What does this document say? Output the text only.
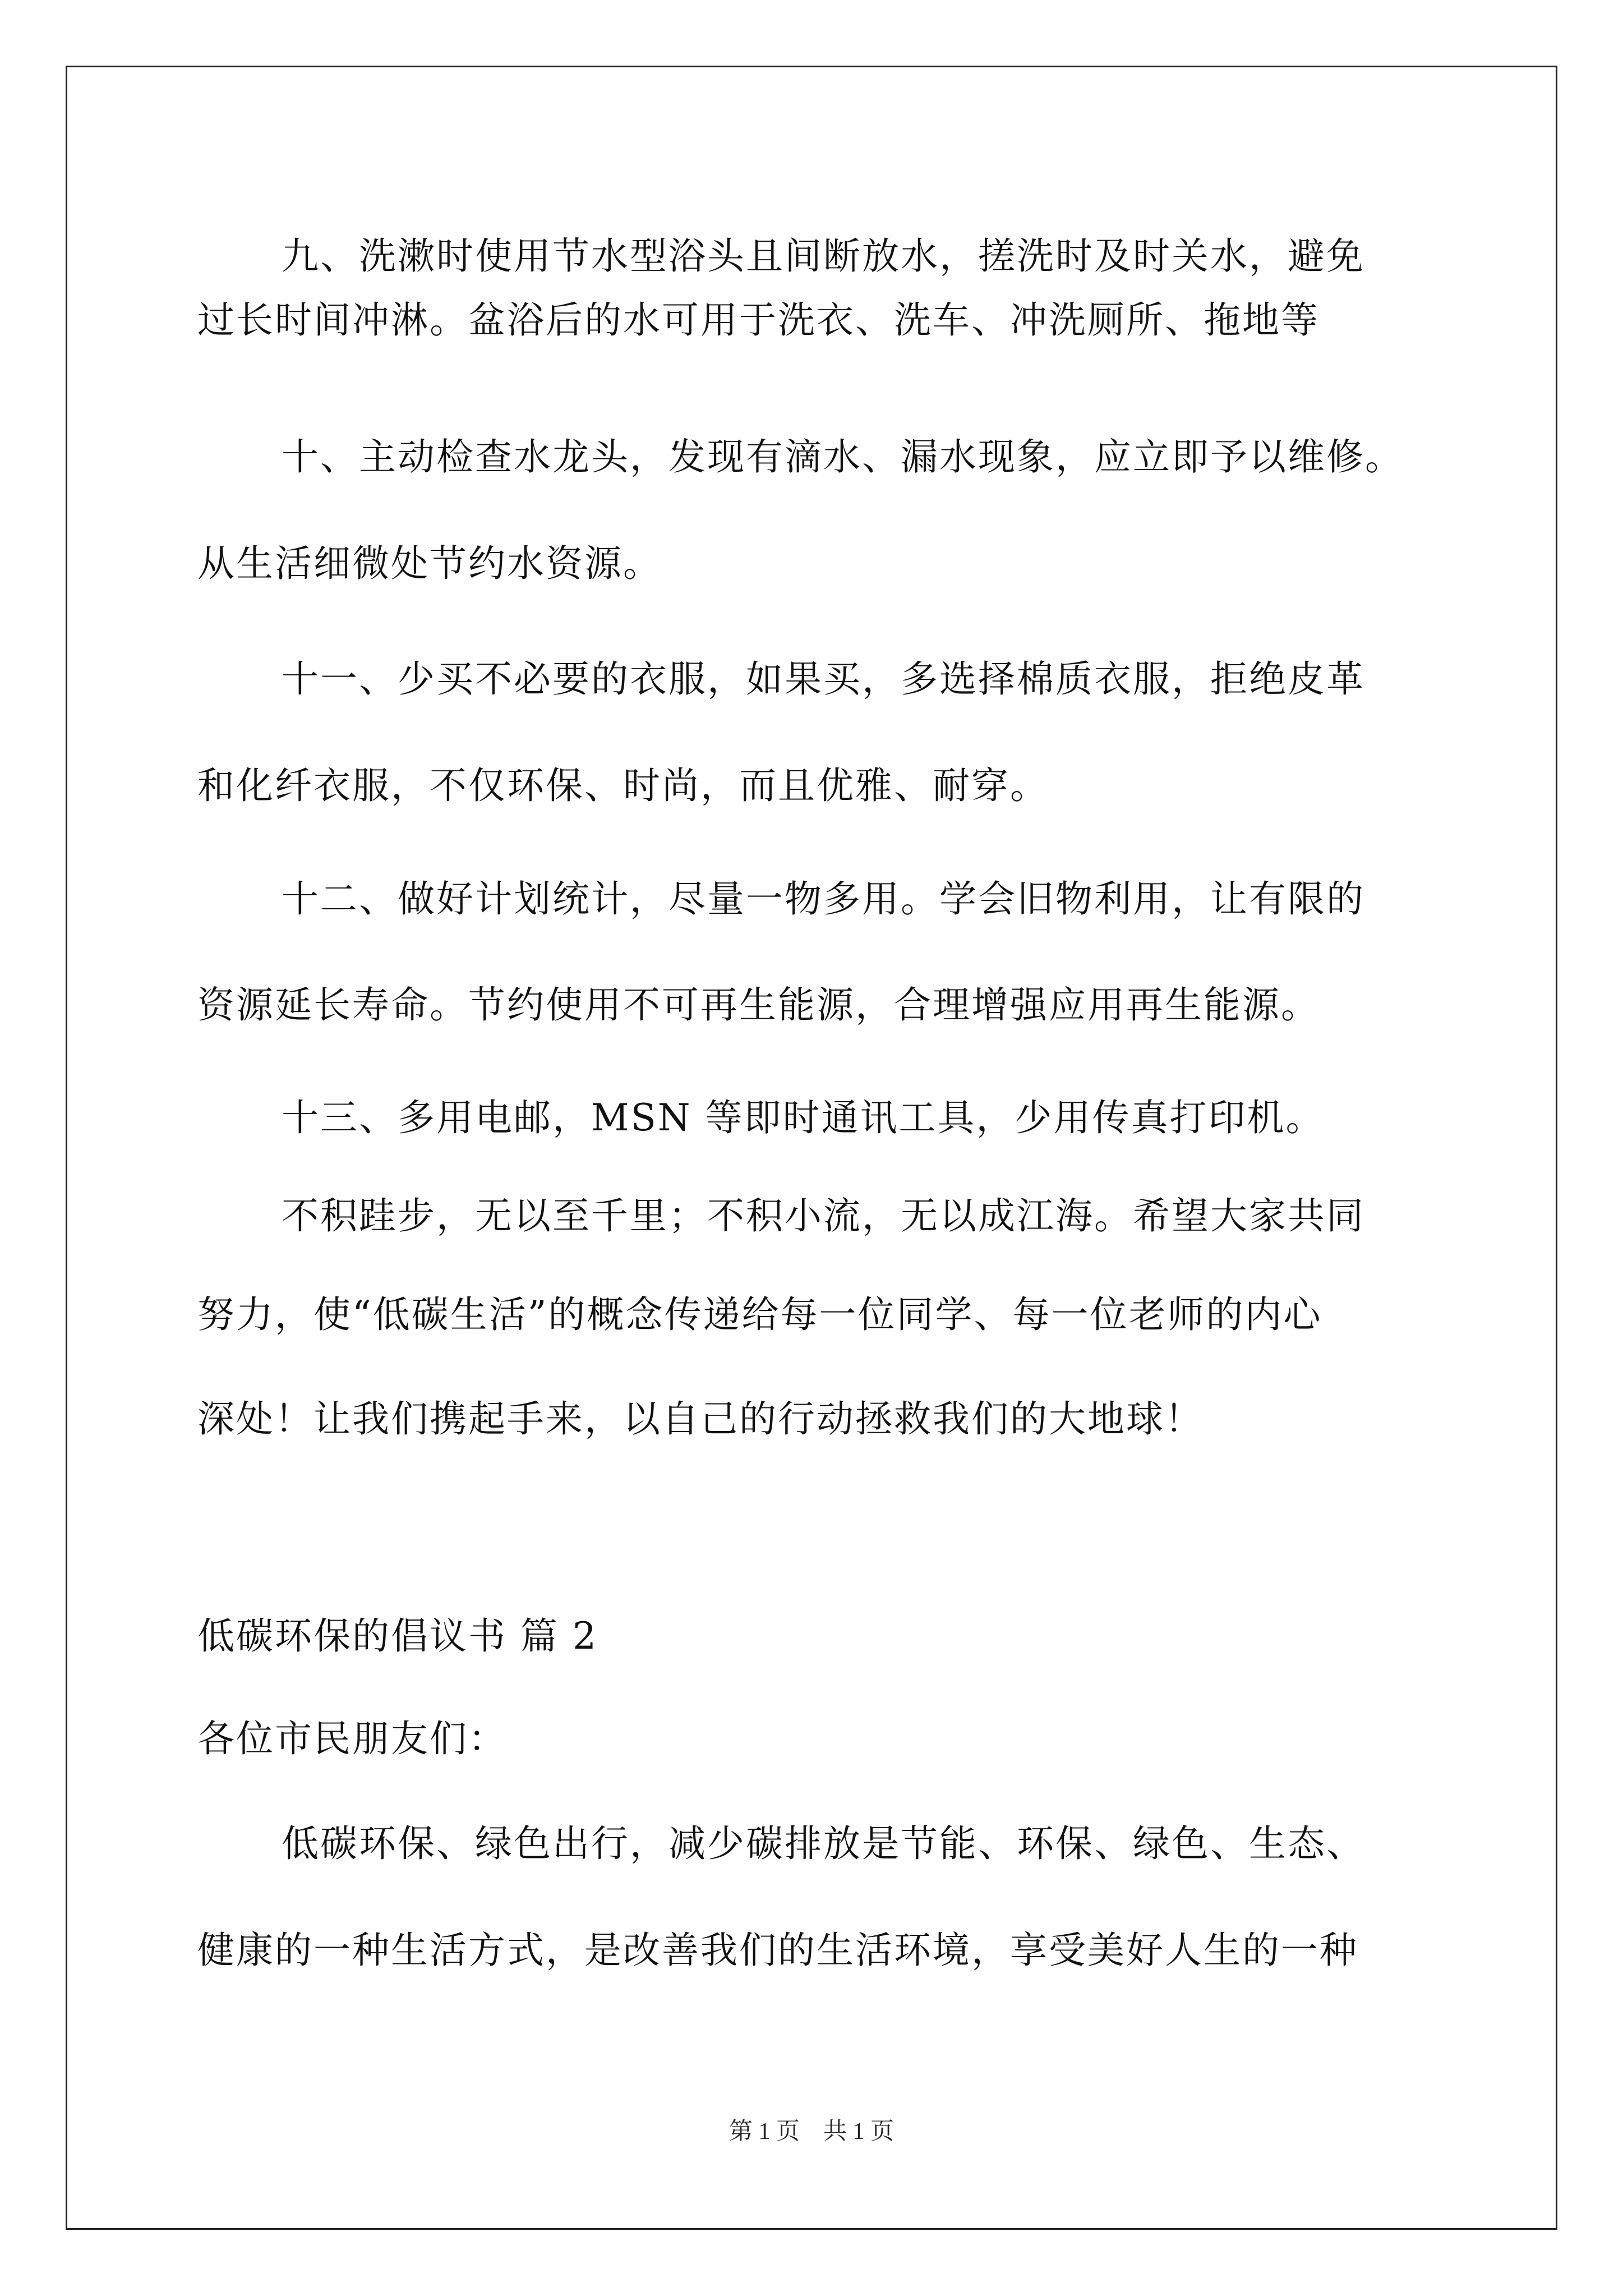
九、洗漱时使用节水型浴头且间断放水，搓洗时及时关水，避免
过长时间冲淋。盆浴后的水可用于洗衣、洗车、冲洗厕所、拖地等
十、主动检查水龙头，发现有滴水、漏水现象，应立即予以维修。
从生活细微处节约水资源。
十一、少买不必要的衣服，如果买，多选择棉质衣服，拒绝皮革
和化纤衣服，不仅环保、时尚，而且优雅、耐穿。
十二、做好计划统计，尽量一物多用。学会旧物利用，让有限的
资源延长寿命。节约使用不可再生能源，合理增强应用再生能源。
十三、多用电邮，MSN 等即时通讯工具，少用传真打印机。
不积跬步，无以至千里；不积小流，无以成江海。希望大家共同
努力，使“低碳生活”的概念传递给每一位同学、每一位老师的内心
深处！让我们携起手来，以自己的行动拯救我们的大地球！
低碳环保的倡议书 篇 2
各位市民朋友们：
低碳环保、绿色出行，减少碳排放是节能、环保、绿色、生态、
健康的一种生活方式，是改善我们的生活环境，享受美好人生的一种
第 1 页　共 1 页
